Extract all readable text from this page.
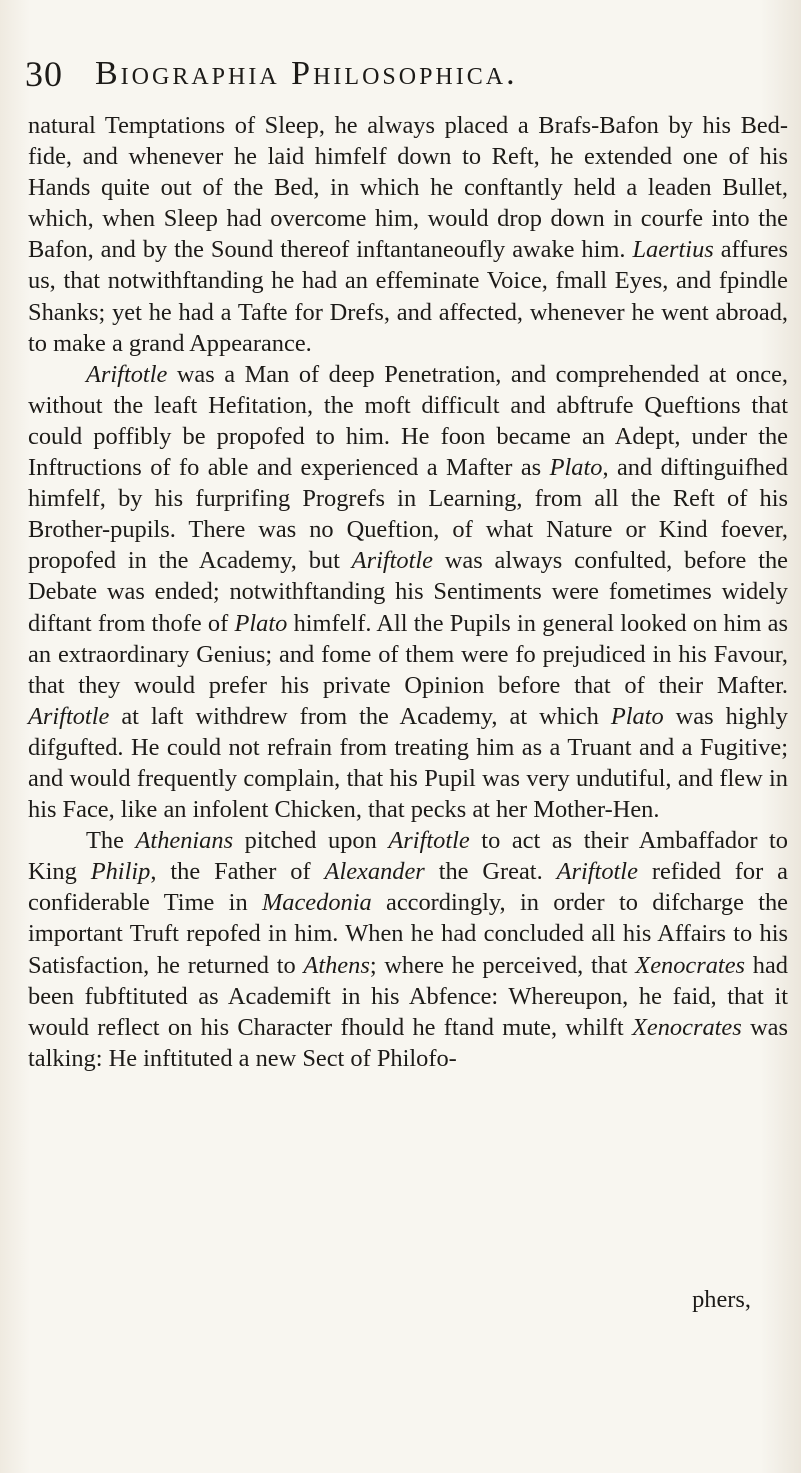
30 Biographia Philosophica.

natural Temptations of Sleep, he always placed a Brafs-Bafon by his Bed-fide, and whenever he laid himfelf down to Reft, he extended one of his Hands quite out of the Bed, in which he conftantly held a leaden Bullet, which, when Sleep had overcome him, would drop down in courfe into the Bafon, and by the Sound thereof inftantaneoufly awake him. Laertius affures us, that notwithftanding he had an effeminate Voice, fmall Eyes, and fpindle Shanks; yet he had a Tafte for Drefs, and affected, whenever he went abroad, to make a grand Appearance.

Ariftotle was a Man of deep Penetration, and comprehended at once, without the leaft Hefitation, the moft difficult and abftrufe Queftions that could poffibly be propofed to him. He foon became an Adept, under the Inftructions of fo able and experienced a Mafter as Plato, and diftinguifhed himfelf, by his furprifing Progrefs in Learning, from all the Reft of his Brother-pupils. There was no Queftion, of what Nature or Kind foever, propofed in the Academy, but Ariftotle was always confulted, before the Debate was ended; notwithftanding his Sentiments were fometimes widely diftant from thofe of Plato himfelf. All the Pupils in general looked on him as an extraordinary Genius; and fome of them were fo prejudiced in his Favour, that they would prefer his private Opinion before that of their Mafter. Ariftotle at laft withdrew from the Academy, at which Plato was highly difgufted. He could not refrain from treating him as a Truant and a Fugitive; and would frequently complain, that his Pupil was very undutiful, and flew in his Face, like an infolent Chicken, that pecks at her Mother-Hen.

The Athenians pitched upon Ariftotle to act as their Ambaffador to King Philip, the Father of Alexander the Great. Ariftotle refided for a confiderable Time in Macedonia accordingly, in order to difcharge the important Truft repofed in him. When he had concluded all his Affairs to his Satisfaction, he returned to Athens; where he perceived, that Xenocrates had been fubftituted as Academift in his Abfence: Whereupon, he faid, that it would reflect on his Character fhould he ftand mute, whilft Xenocrates was talking: He inftituted a new Sect of Philofo-

phers,
